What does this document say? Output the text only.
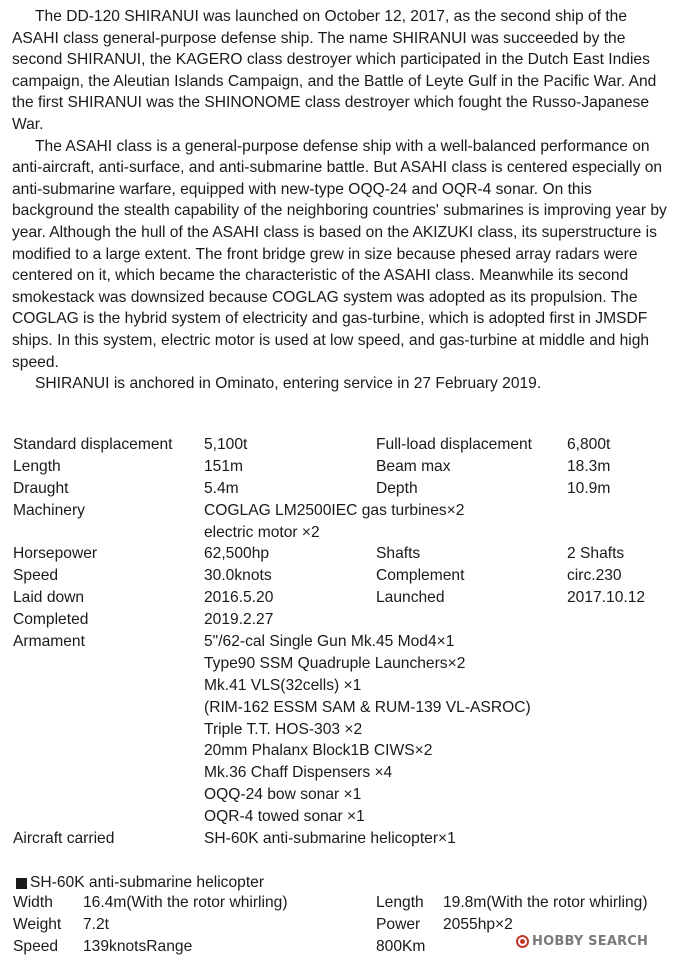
The DD-120 SHIRANUI was launched on October 12, 2017, as the second ship of the ASAHI class general-purpose defense ship. The name SHIRANUI was succeeded by the second SHIRANUI, the KAGERO class destroyer which participated in the Dutch East Indies campaign, the Aleutian Islands Campaign, and the Battle of Leyte Gulf in the Pacific War. And the first SHIRANUI was the SHINONOME class destroyer which fought the Russo-Japanese War.

The ASAHI class is a general-purpose defense ship with a well-balanced performance on anti-aircraft, anti-surface, and anti-submarine battle. But ASAHI class is centered especially on anti-submarine warfare, equipped with new-type OQQ-24 and OQR-4 sonar. On this background the stealth capability of the neighboring countries' submarines is improving year by year. Although the hull of the ASAHI class is based on the AKIZUKI class, its superstructure is modified to a large extent. The front bridge grew in size because phesed array radars were centered on it, which became the characteristic of the ASAHI class. Meanwhile its second smokestack was downsized because COGLAG system was adopted as its propulsion. The COGLAG is the hybrid system of electricity and gas-turbine, which is adopted first in JMSDF ships. In this system, electric motor is used at low speed, and gas-turbine at middle and high speed.

SHIRANUI is anchored in Ominato, entering service in 27 February 2019.

Standard displacement 5,100t	Full-load displacement 6,800t
Length	151m	Beam max	18.3m
Draught	5.4m	Depth	10.9m
Machinery	COGLAG LM2500IEC gas turbines×2
electric motor ×2
Horsepower	62,500hp	Shafts	2 Shafts
Speed	30.0knots	Complement	circ.230
Laid down	2016.5.20	Launched	2017.10.12
Completed	2019.2.27
Armament	5"/62-cal Single Gun Mk.45 Mod4×1
Type90 SSM Quadruple Launchers×2
Mk.41 VLS(32cells) ×1
(RIM-162 ESSM SAM & RUM-139 VL-ASROC)
Triple T.T. HOS-303 ×2
20mm Phalanx Block1B CIWS×2
Mk.36 Chaff Dispensers ×4
OQQ-24 bow sonar ×1
OQR-4 towed sonar ×1
Aircraft carried	SH-60K anti-submarine helicopter×1
SH-60K anti-submarine helicopter
Width 16.4m(With the rotor whirling)	Length 19.8m(With the rotor whirling)
Weight 7.2t	Power 2055hp×2
Speed 139knotsRange	800Km	HOBBY SEARCH
